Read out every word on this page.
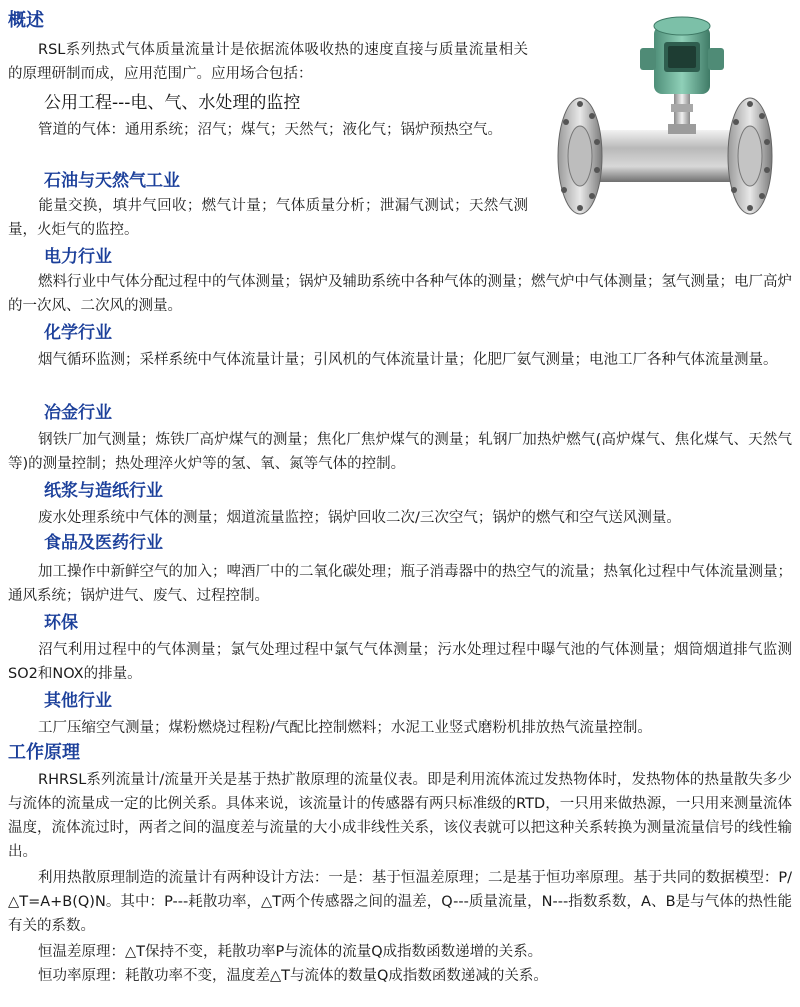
概述
RSL系列热式气体质量流量计是依据流体吸收热的速度直接与质量流量相关的原理研制而成，应用范围广。应用场合包括：
公用工程---电、气、水处理的监控
管道的气体：通用系统；沼气；煤气；天然气；液化气；锅炉预热空气。
石油与天然气工业
能量交换，填井气回收；燃气计量；气体质量分析；泄漏气测试；天然气测量，火炬气的监控。
电力行业
燃料行业中气体分配过程中的气体测量；锅炉及辅助系统中各种气体的测量；燃气炉中气体测量；氢气测量；电厂高炉的一次风、二次风的测量。
化学行业
烟气循环监测；采样系统中气体流量计量；引风机的气体流量计量；化肥厂氨气测量；电池工厂各种气体流量测量。
冶金行业
钢铁厂加气测量；炼铁厂高炉煤气的测量；焦化厂焦炉煤气的测量；轧钢厂加热炉燃气(高炉煤气、焦化煤气、天然气等)的测量控制；热处理淬火炉等的氢、氧、氮等气体的控制。
纸浆与造纸行业
废水处理系统中气体的测量；烟道流量监控；锅炉回收二次/三次空气；锅炉的燃气和空气送风测量。
食品及医药行业
加工操作中新鲜空气的加入；啤酒厂中的二氧化碳处理；瓶子消毒器中的热空气的流量；热氧化过程中气体流量测量；通风系统；锅炉进气、废气、过程控制。
环保
沼气利用过程中的气体测量；氯气处理过程中氯气气体测量；污水处理过程中曝气池的气体测量；烟筒烟道排气监测SO2和NOX的排量。
其他行业
工厂压缩空气测量；煤粉燃烧过程粉/气配比控制燃料；水泥工业竖式磨粉机排放热气流量控制。
工作原理
RHRSL系列流量计/流量开关是基于热扩散原理的流量仪表。即是利用流体流过发热物体时，发热物体的热量散失多少与流体的流量成一定的比例关系。具体来说，该流量计的传感器有两只标准级的RTD，一只用来做热源，一只用来测量流体温度，流体流过时，两者之间的温度差与流量的大小成非线性关系，该仪表就可以把这种关系转换为测量流量信号的线性输出。
利用热散原理制造的流量计有两种设计方法：一是：基于恒温差原理；二是基于恒功率原理。基于共同的数据模型：P/△T=A+B(Q)N。其中：P---耗散功率，△T两个传感器之间的温差，Q---质量流量，N---指数系数，A、B是与气体的热性能有关的系数。
恒温差原理：△T保持不变，耗散功率P与流体的流量Q成指数函数递增的关系。
恒功率原理：耗散功率不变，温度差△T与流体的数量Q成指数函数递减的关系。
